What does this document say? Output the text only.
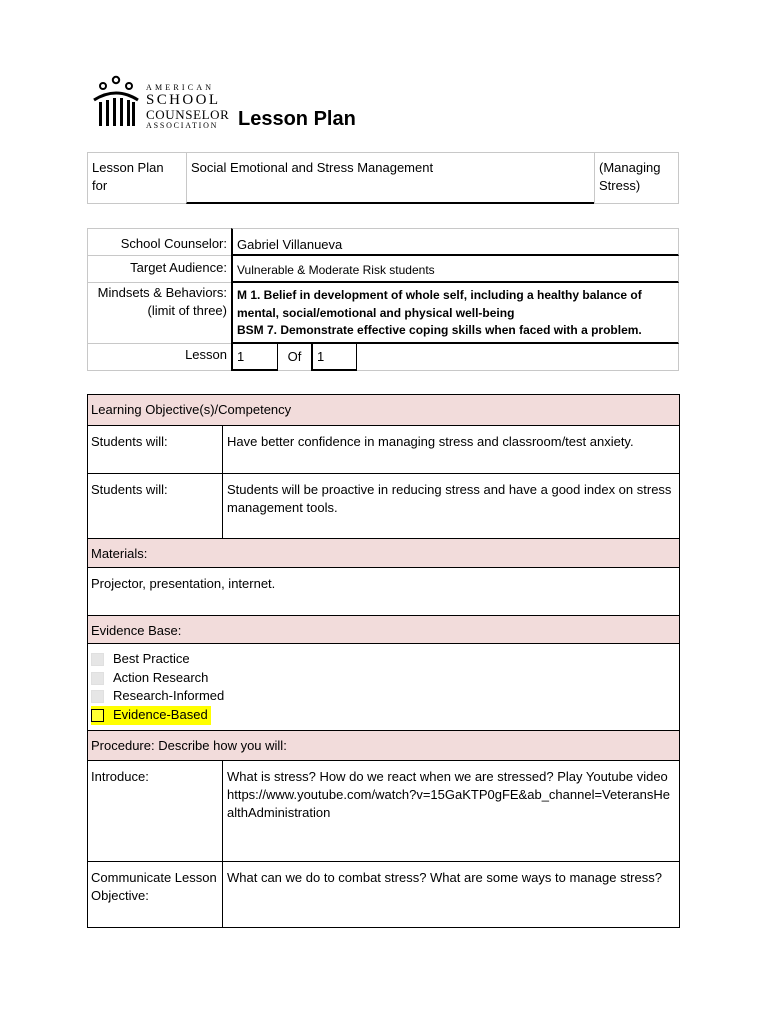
AMERICAN
SCHOOL
COUNSELOR
ASSOCIATION Lesson Plan
Lesson Plan for
Social Emotional and Stress Management	(Managing Stress)
School Counselor: Gabriel Villanueva
Target Audience: Vulnerable & Moderate Risk students
Mindsets & Behaviors:
(limit of three)
M 1. Belief in development of whole self, including a healthy balance of
mental, social/emotional and physical well-being
BSM 7. Demonstrate effective coping skills when faced with a problem.
Lesson 1	Of	1
Learning Objective(s)/Competency
Students will:	Have better confidence in managing stress and classroom/test anxiety.
Students will:	Students will be proactive in reducing stress and have a good index on stress management tools.
Materials:
Projector, presentation, internet.
Evidence Base:
Best Practice
Action Research
Research-Informed
Evidence-Based
Procedure: Describe how you will:
Introduce:	What is stress? How do we react when we are stressed? Play Youtube video https://www.youtube.com/watch?v=15GaKTP0gFE&ab_channel=VeteransHealthAdministration
Communicate Lesson Objective:
What can we do to combat stress? What are some ways to manage stress?
